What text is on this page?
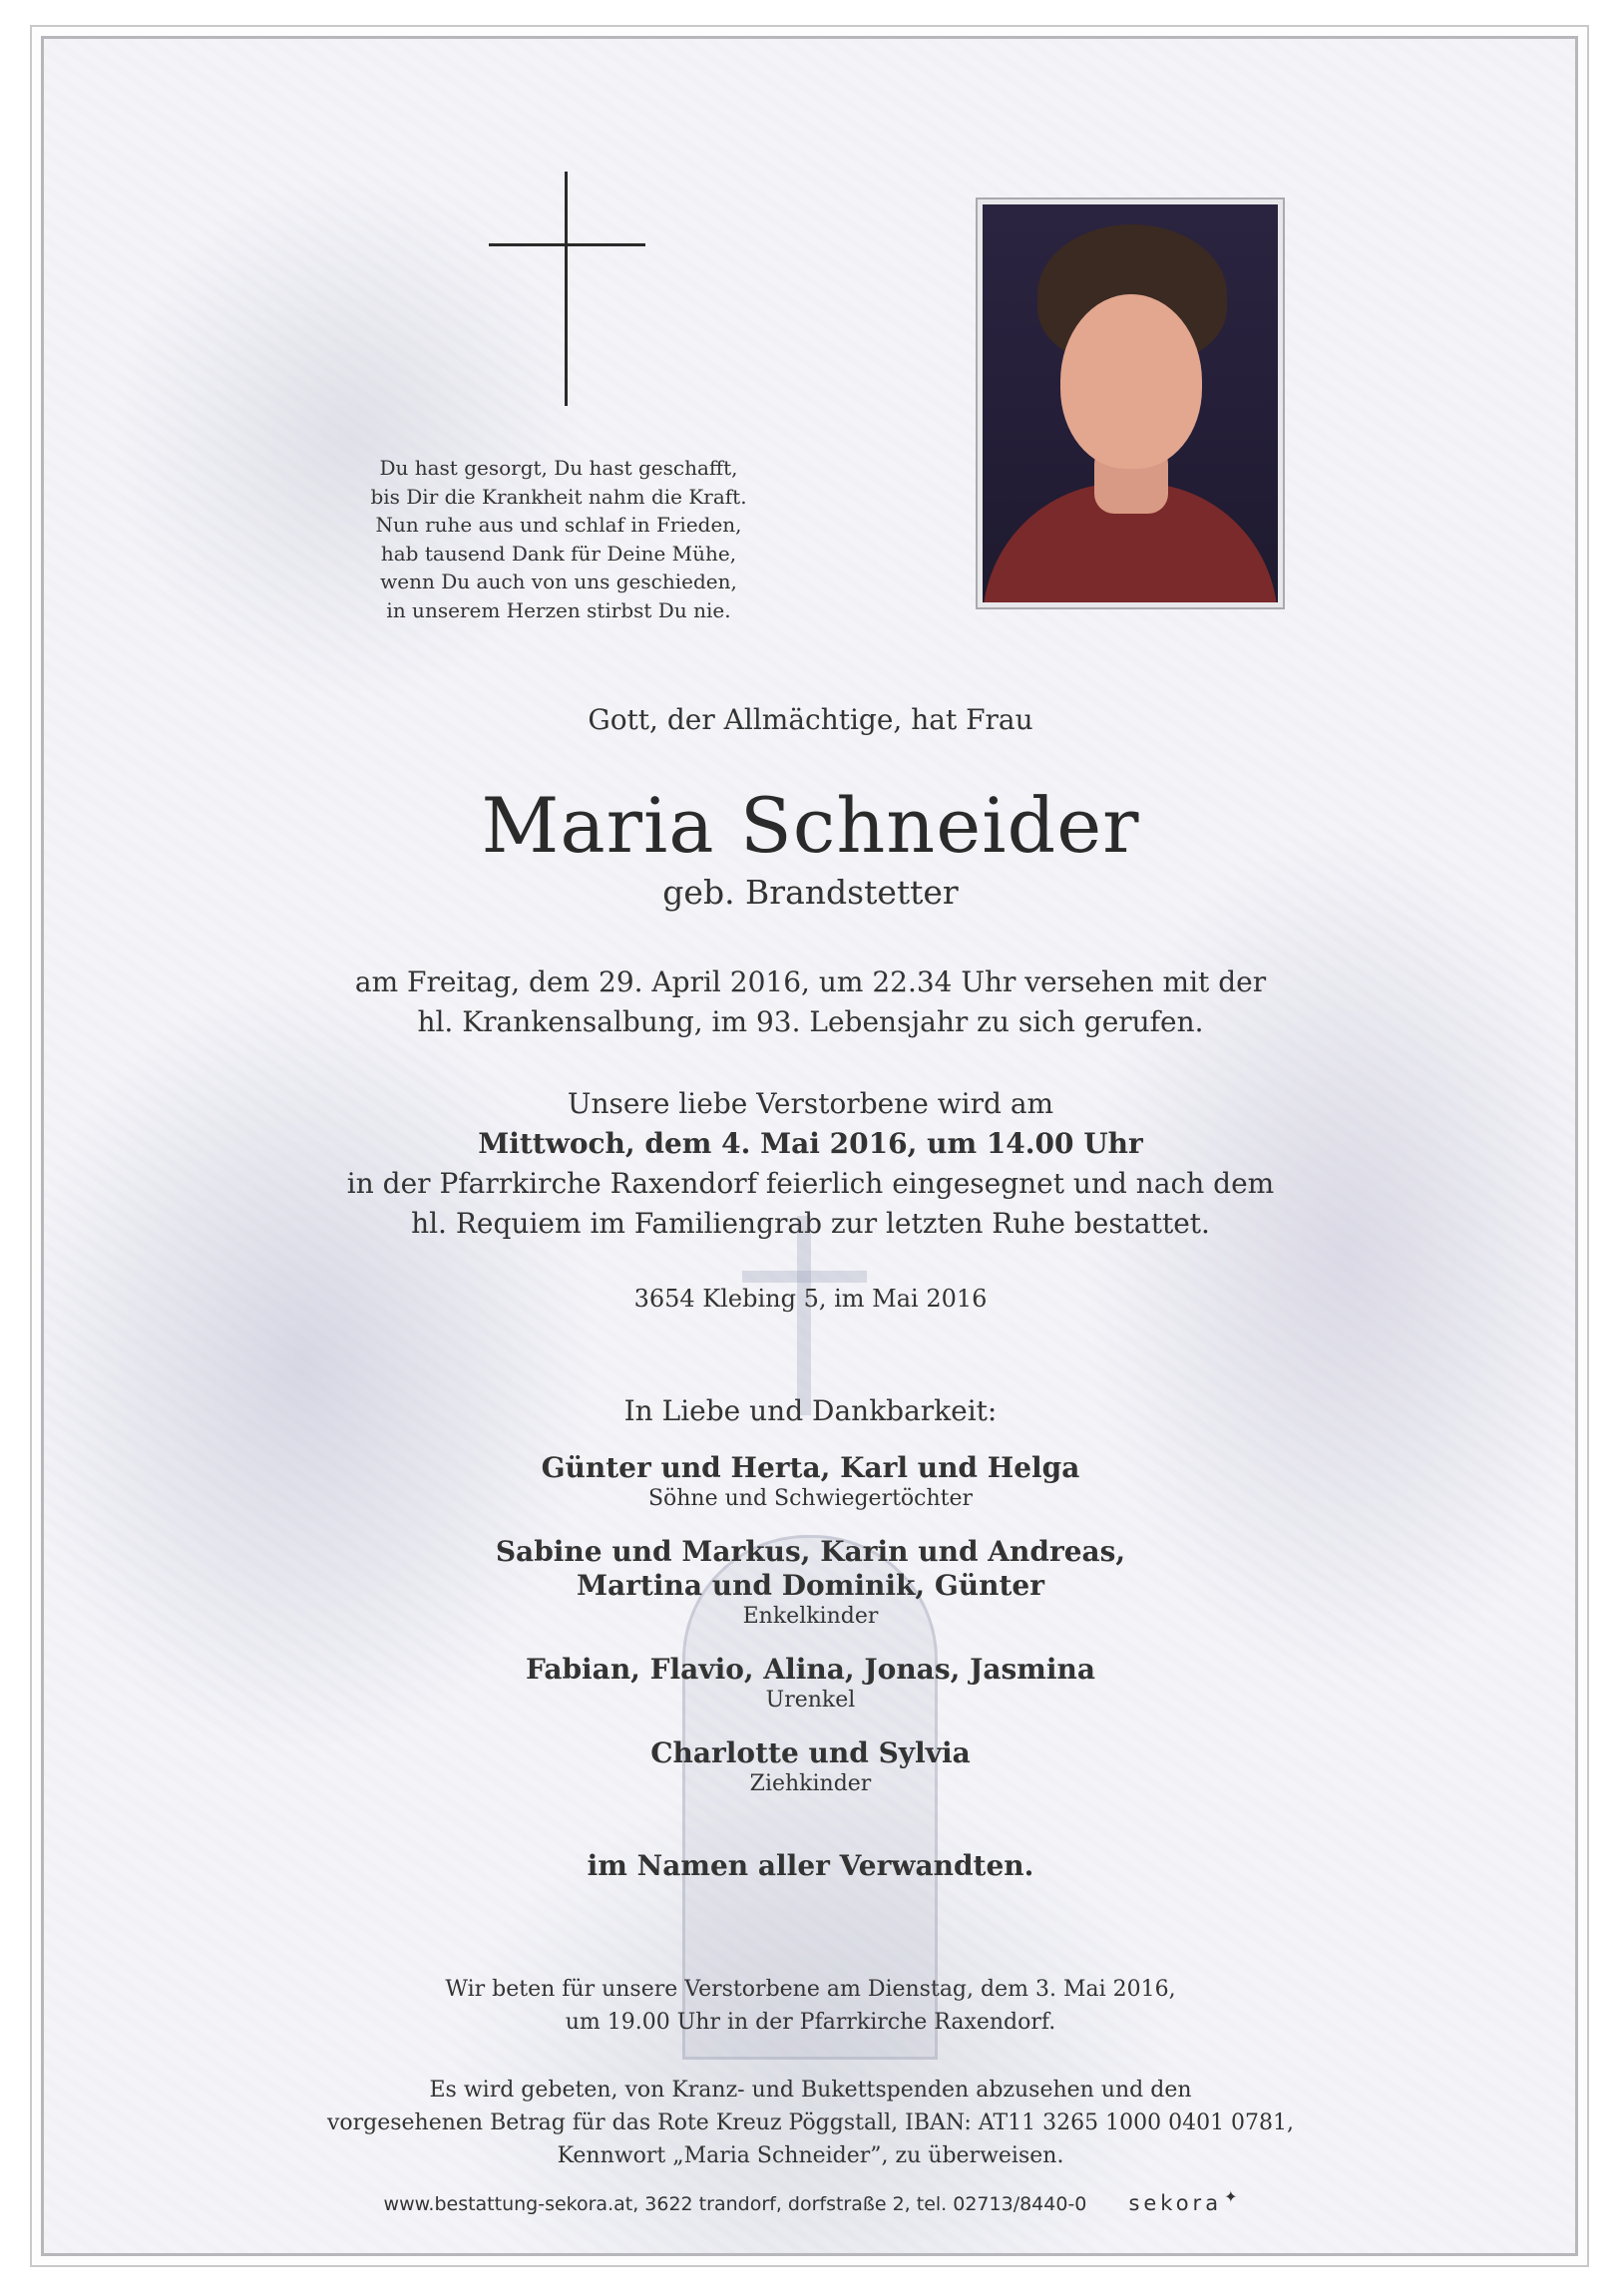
Du hast gesorgt, Du hast geschafft,
bis Dir die Krankheit nahm die Kraft.
Nun ruhe aus und schlaf in Frieden,
hab tausend Dank für Deine Mühe,
wenn Du auch von uns geschieden,
in unserem Herzen stirbst Du nie.
Gott, der Allmächtige, hat Frau
Maria Schneider
geb. Brandstetter
am Freitag, dem 29. April 2016, um 22.34 Uhr versehen mit der
hl. Krankensalbung, im 93. Lebensjahr zu sich gerufen.
Unsere liebe Verstorbene wird am
Mittwoch, dem 4. Mai 2016, um 14.00 Uhr
in der Pfarrkirche Raxendorf feierlich eingesegnet und nach dem
hl. Requiem im Familiengrab zur letzten Ruhe bestattet.
3654 Klebing 5, im Mai 2016
In Liebe und Dankbarkeit:
Günter und Herta, Karl und Helga
Söhne und Schwiegertöchter
Sabine und Markus, Karin und Andreas,
Martina und Dominik, Günter
Enkelkinder
Fabian, Flavio, Alina, Jonas, Jasmina
Urenkel
Charlotte und Sylvia
Ziehkinder
im Namen aller Verwandten.
Wir beten für unsere Verstorbene am Dienstag, dem 3. Mai 2016,
um 19.00 Uhr in der Pfarrkirche Raxendorf.
Es wird gebeten, von Kranz- und Bukettspenden abzusehen und den
vorgesehenen Betrag für das Rote Kreuz Pöggstall, IBAN: AT11 3265 1000 0401 0781,
Kennwort „Maria Schneider”, zu überweisen.
www.bestattung-sekora.at, 3622 trandorf, dorfstraße 2, tel. 02713/8440-0 sekora ✦
